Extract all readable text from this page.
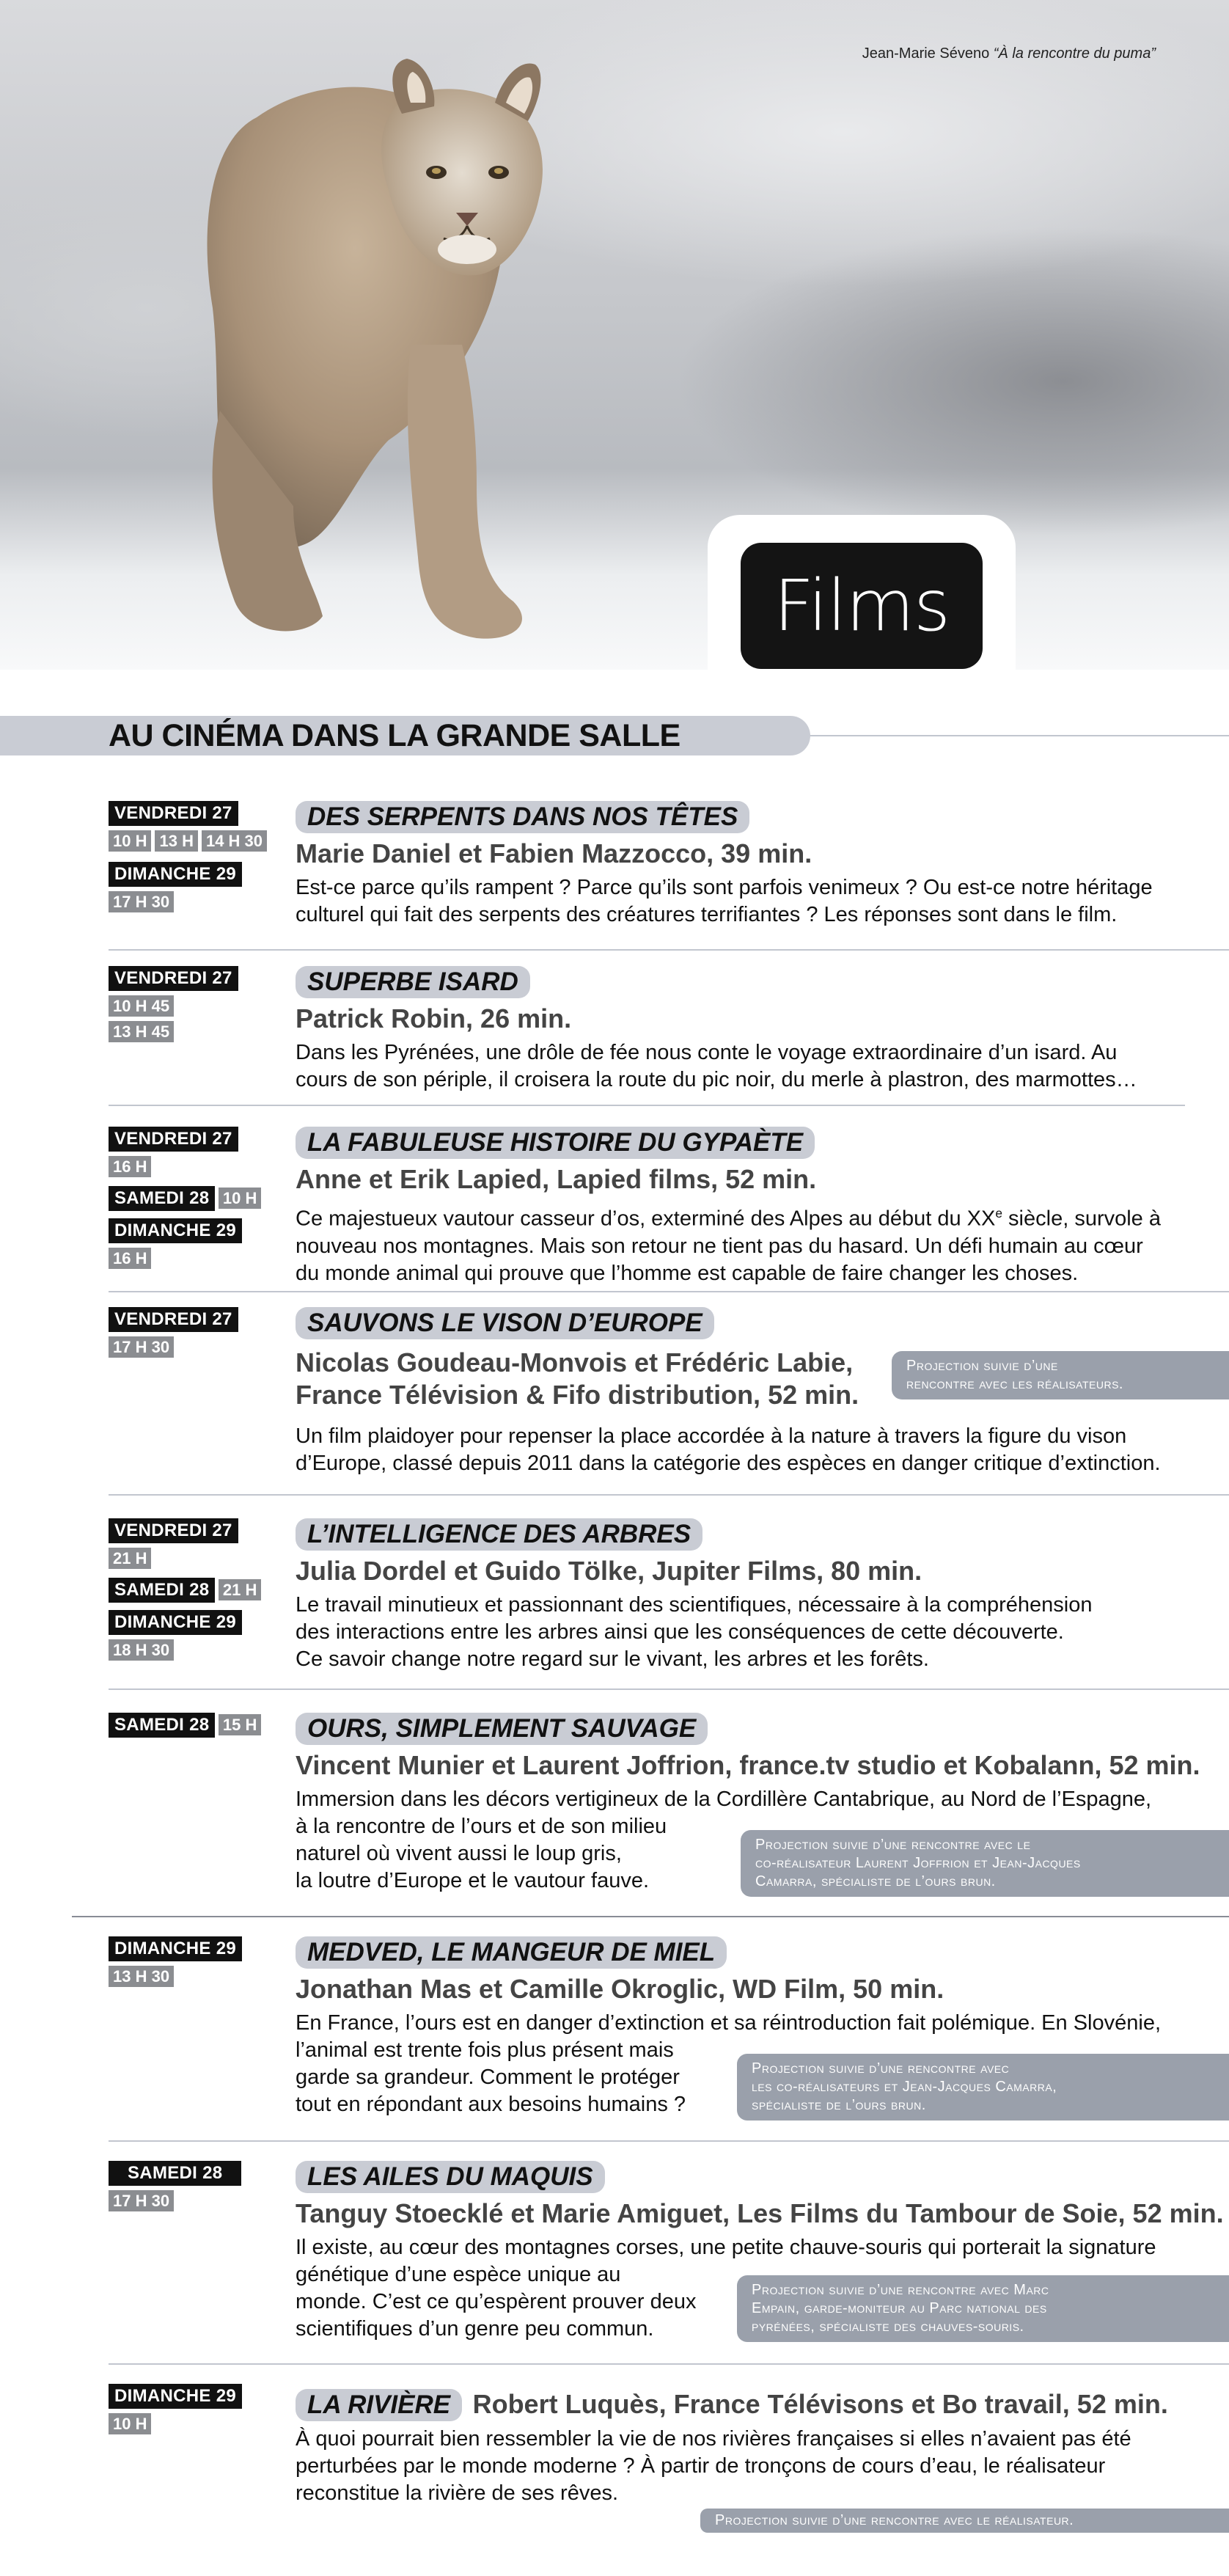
Jean-Marie Séveno “À la rencontre du puma”
Films
AU CINÉMA DANS LA GRANDE SALLE
VENDREDI 27
10 H 13 H 14 H 30
DIMANCHE 29
17 H 30
DES SERPENTS DANS NOS TÊTES
Marie Daniel et Fabien Mazzocco, 39 min.
Est-ce parce qu’ils rampent ? Parce qu’ils sont parfois venimeux ? Ou est-ce notre héritage
culturel qui fait des serpents des créatures terrifiantes ? Les réponses sont dans le film.
VENDREDI 27
10 H 45
13 H 45
SUPERBE ISARD
Patrick Robin, 26 min.
Dans les Pyrénées, une drôle de fée nous conte le voyage extraordinaire d’un isard. Au
cours de son périple, il croisera la route du pic noir, du merle à plastron, des marmottes…
VENDREDI 27
16 H
SAMEDI 28 10 H
DIMANCHE 29
16 H
LA FABULEUSE HISTOIRE DU GYPAÈTE
Anne et Erik Lapied, Lapied films, 52 min.
Ce majestueux vautour casseur d’os, exterminé des Alpes au début du XXe siècle, survole à
nouveau nos montagnes. Mais son retour ne tient pas du hasard. Un défi humain au cœur
du monde animal qui prouve que l’homme est capable de faire changer les choses.
VENDREDI 27
17 H 30
SAUVONS LE VISON D’EUROPE
Nicolas Goudeau-Monvois et Frédéric Labie,
France Télévision & Fifo distribution, 52 min.
Un film plaidoyer pour repenser la place accordée à la nature à travers la figure du vison
d’Europe, classé depuis 2011 dans la catégorie des espèces en danger critique d’extinction.
Projection suivie d’une
rencontre avec les réalisateurs.
VENDREDI 27
21 H
SAMEDI 28 21 H
DIMANCHE 29
18 H 30
L’INTELLIGENCE DES ARBRES
Julia Dordel et Guido Tölke, Jupiter Films, 80 min.
Le travail minutieux et passionnant des scientifiques, nécessaire à la compréhension
des interactions entre les arbres ainsi que les conséquences de cette découverte.
Ce savoir change notre regard sur le vivant, les arbres et les forêts.
SAMEDI 28 15 H	OURS, SIMPLEMENT SAUVAGE
Vincent Munier et Laurent Joffrion, france.tv studio et Kobalann, 52 min.
Immersion dans les décors vertigineux de la Cordillère Cantabrique, au Nord de l’Espagne,
à la rencontre de l’ours et de son milieu
naturel où vivent aussi le loup gris,
la loutre d’Europe et le vautour fauve.
Projection suivie d’une rencontre avec le
co-réalisateur Laurent Joffrion et Jean-Jacques
Camarra, spécialiste de l’ours brun.
DIMANCHE 29
13 H 30
MEDVED, LE MANGEUR DE MIEL
Jonathan Mas et Camille Okroglic, WD Film, 50 min.
En France, l’ours est en danger d’extinction et sa réintroduction fait polémique. En Slovénie,
l’animal est trente fois plus présent mais
garde sa grandeur. Comment le protéger
tout en répondant aux besoins humains ?
Projection suivie d’une rencontre avec
les co-réalisateurs et Jean-Jacques Camarra,
spécialiste de l’ours brun.
SAMEDI 28
17 H 30
LES AILES DU MAQUIS
Tanguy Stoecklé et Marie Amiguet, Les Films du Tambour de Soie, 52 min.
Il existe, au cœur des montagnes corses, une petite chauve-souris qui porterait la signature
génétique d’une espèce unique au
monde. C’est ce qu’espèrent prouver deux
scientifiques d’un genre peu commun.
Projection suivie d’une rencontre avec Marc
Empain, garde-moniteur au Parc national des
pyrénées, spécialiste des chauves-souris.
DIMANCHE 29
10 H
LA RIVIÈRE Robert Luquès, France Télévisons et Bo travail, 52 min.
À quoi pourrait bien ressembler la vie de nos rivières françaises si elles n’avaient pas été
perturbées par le monde moderne ? À partir de tronçons de cours d’eau, le réalisateur
reconstitue la rivière de ses rêves.
Projection suivie d’une rencontre avec le réalisateur.
